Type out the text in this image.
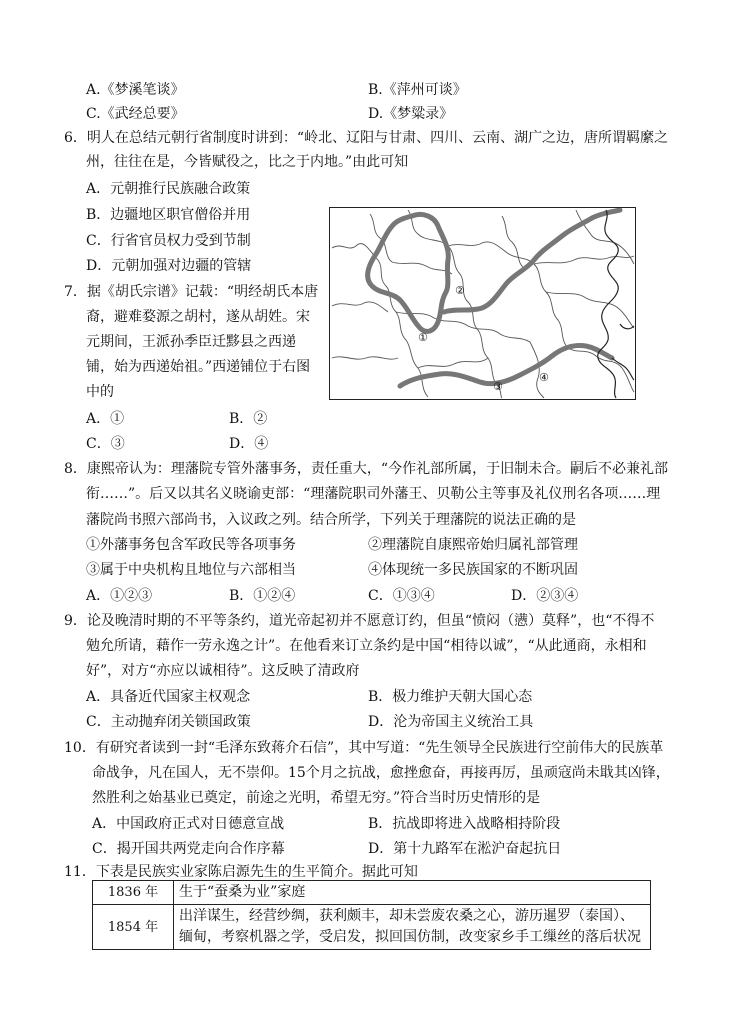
A.《梦溪笔谈》	B.《萍州可谈》
C.《武经总要》	D.《梦粱录》
6．明人在总结元朝行省制度时讲到：“岭北、辽阳与甘肃、四川、云南、湖广之边，唐所谓羁縻之
州，往往在是，今皆赋役之，比之于内地。”由此可知
A．元朝推行民族融合政策
B．边疆地区职官僧俗并用
C．行省官员权力受到节制
D．元朝加强对边疆的管辖
7．据《胡氏宗谱》记载：“明经胡氏本唐
裔，避难婺源之胡村，遂从胡姓。宋
元期间，王派孙季臣迁黟县之西递
铺，始为西递始祖。”西递铺位于右图
中的
A．①	B．②
C．③	D．④
②
①
③
④
8．康熙帝认为：理藩院专管外藩事务，责任重大，“今作礼部所属，于旧制未合。嗣后不必兼礼部
衔……”。后又以其名义晓谕吏部：“理藩院职司外藩王、贝勒公主等事及礼仪刑名各项……理
藩院尚书照六部尚书，入议政之列。结合所学，下列关于理藩院的说法正确的是
①外藩事务包含军政民等各项事务	②理藩院自康熙帝始归属礼部管理
③属于中央机构且地位与六部相当	④体现统一多民族国家的不断巩固
A．①②③	B．①②④	C．①③④	D．②③④
9．论及晚清时期的不平等条约，道光帝起初并不愿意订约，但虽“愤闷（懑）莫释”，也“不得不
勉允所请，藉作一劳永逸之计”。在他看来订立条约是中国“相待以诚”，“从此通商，永相和
好”，对方“亦应以诚相待”。这反映了清政府
A．具备近代国家主权观念	B．极力维护天朝大国心态
C．主动抛弃闭关锁国政策	D．沦为帝国主义统治工具
10．有研究者读到一封“毛泽东致蒋介石信”，其中写道：“先生领导全民族进行空前伟大的民族革
命战争，凡在国人，无不崇仰。15个月之抗战，愈挫愈奋，再接再厉，虽顽寇尚未戢其凶锋，
然胜利之始基业已奠定，前途之光明，希望无穷。”符合当时历史情形的是
A．中国政府正式对日德意宣战	B．抗战即将进入战略相持阶段
C．揭开国共两党走向合作序幕	D．第十九路军在淞沪奋起抗日
11．下表是民族实业家陈启源先生的生平简介。据此可知
1836 年	生于“蚕桑为业”家庭

1854 年	出洋谋生，经营纱绸，获利颇丰，却未尝废农桑之心，游历暹罗（泰国）、
缅甸，考察机器之学，受启发，拟回国仿制，改变家乡手工缫丝的落后状况
